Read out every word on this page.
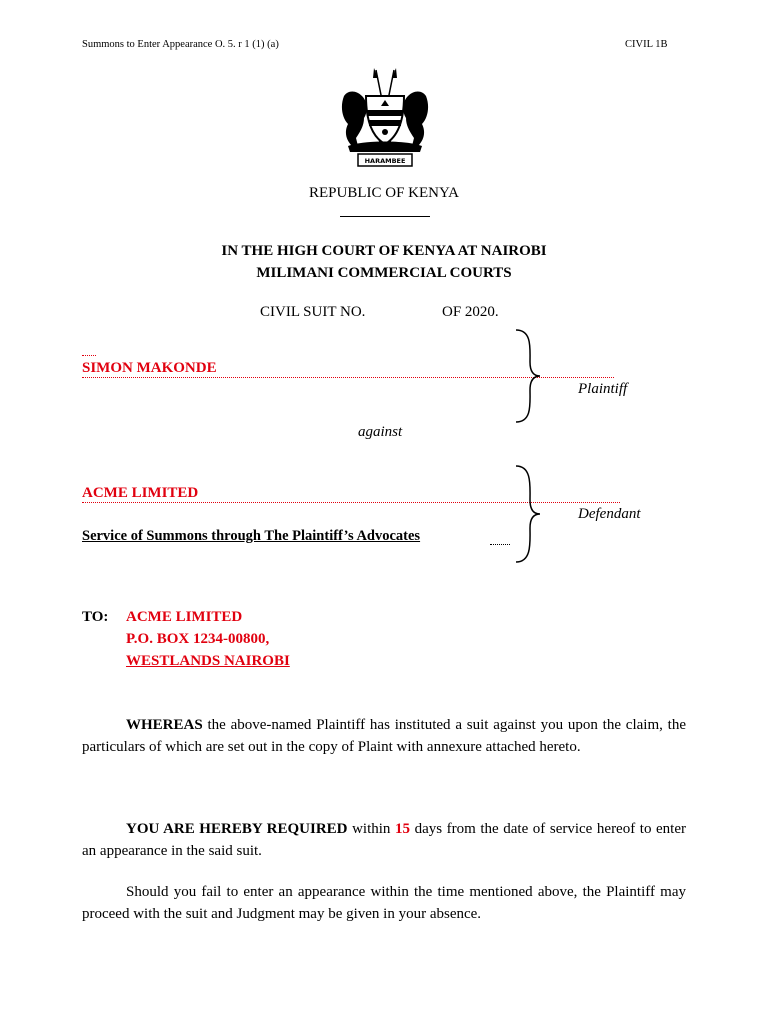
Summons to Enter Appearance O. 5. r 1 (1) (a)	CIVIL 1B
HARAMBEE
REPUBLIC OF KENYA
IN THE HIGH COURT OF KENYA AT NAIROBI
MILIMANI COMMERCIAL COURTS
CIVIL SUIT NO.	OF 2020.
SIMON MAKONDE
Plaintiff
against
ACME LIMITED
Defendant
Service of Summons through The Plaintiff’s Advocates
TO: ACME LIMITED
P.O. BOX 1234-00800,
WESTLANDS NAIROBI
WHEREAS the above-named Plaintiff has instituted a suit against you upon the claim, the particulars of which are set out in the copy of Plaint with annexure attached hereto.
YOU ARE HEREBY REQUIRED within 15 days from the date of service hereof to enter an appearance in the said suit.
Should you fail to enter an appearance within the time mentioned above, the Plaintiff may proceed with the suit and Judgment may be given in your absence.
